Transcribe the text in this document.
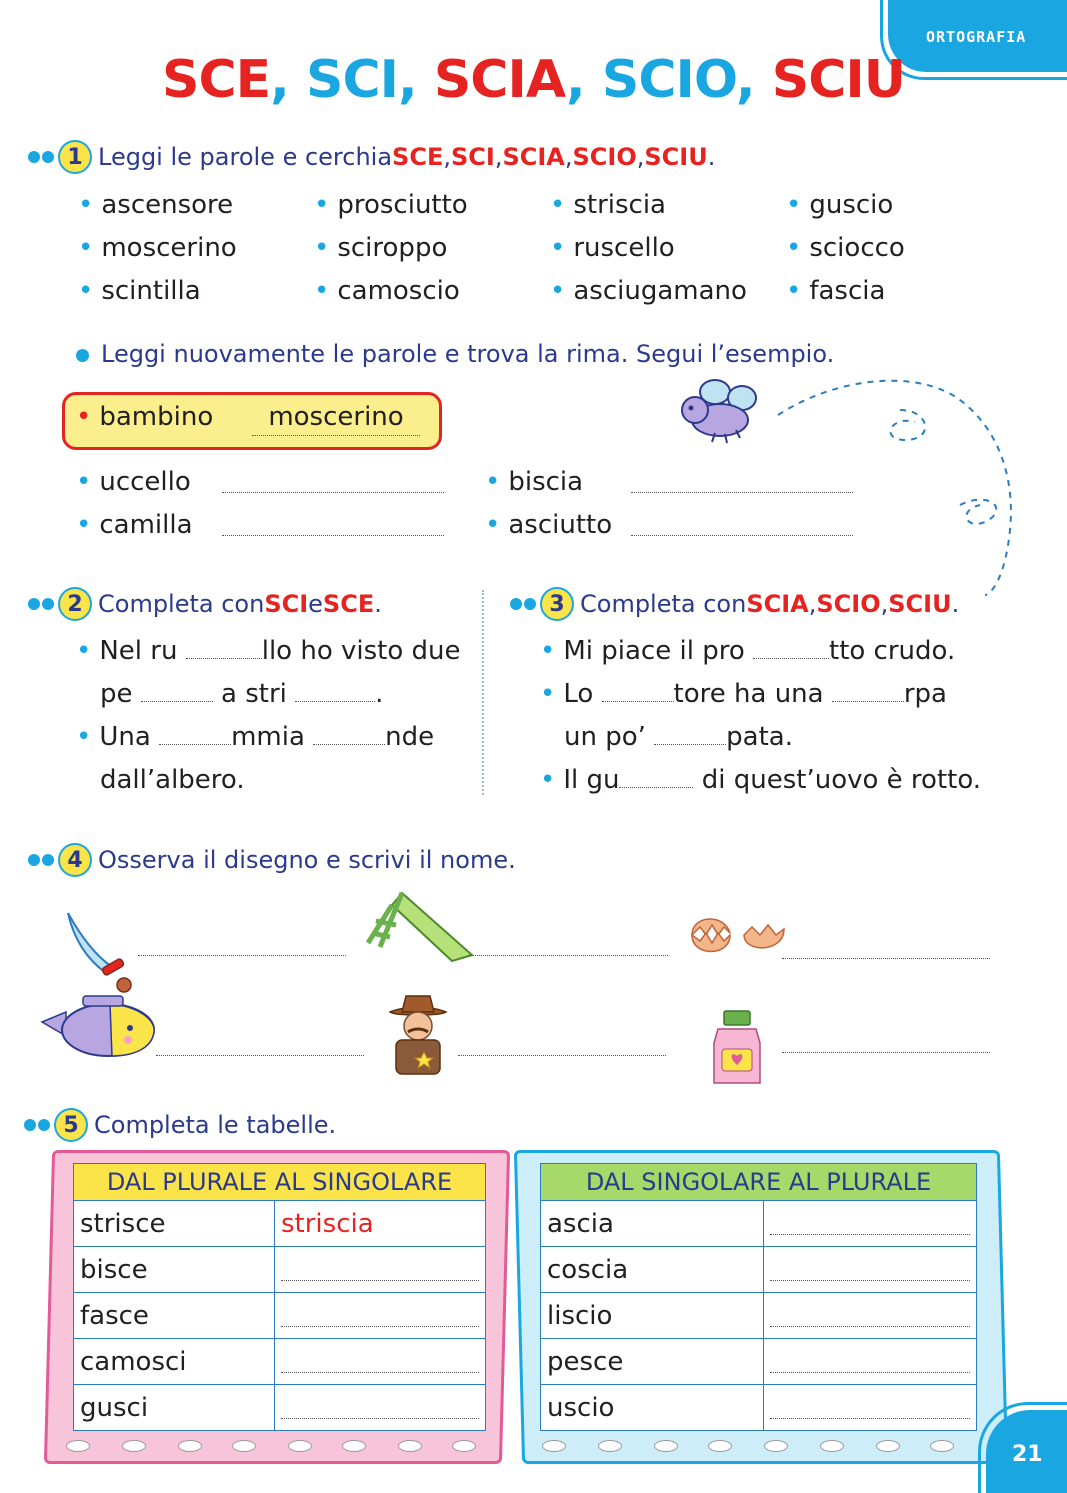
ORTOGRAFIA
SCE, SCI, SCIA, SCIO, SCIU
1 Leggi le parole e cerchia SCE , SCI , SCIA , SCIO , SCIU .
• ascensore
• moscerino
• scintilla
• prosciutto
• sciroppo
• camoscio
• striscia
• ruscello
• asciugamano
• guscio
• sciocco
• fascia
Leggi nuovamente le parole e trova la rima. Segui l’esempio.
• bambino	moscerino
• uccello
• camilla
• biscia
• asciutto
2 Completa con SCI e SCE .
• Nel ru	llo ho visto due
pe	a stri	.
• Una	mmia	nde
dall’albero.
3 Completa con SCIA , SCIO , SCIU .
• Mi piace il pro	tto crudo.
• Lo	tore ha una	rpa
un po’	pata.
• Il gu	di quest’uovo è rotto.
4 Osserva il disegno e scrivi il nome.
5 Completa le tabelle.
DAL PLURALE AL SINGOLARE	
strisce	striscia
bisce	

fasce	

camosci	

gusci	
DAL SINGOLARE AL PLURALE	
ascia	

coscia	

liscio	

pesce	

uscio	
21
